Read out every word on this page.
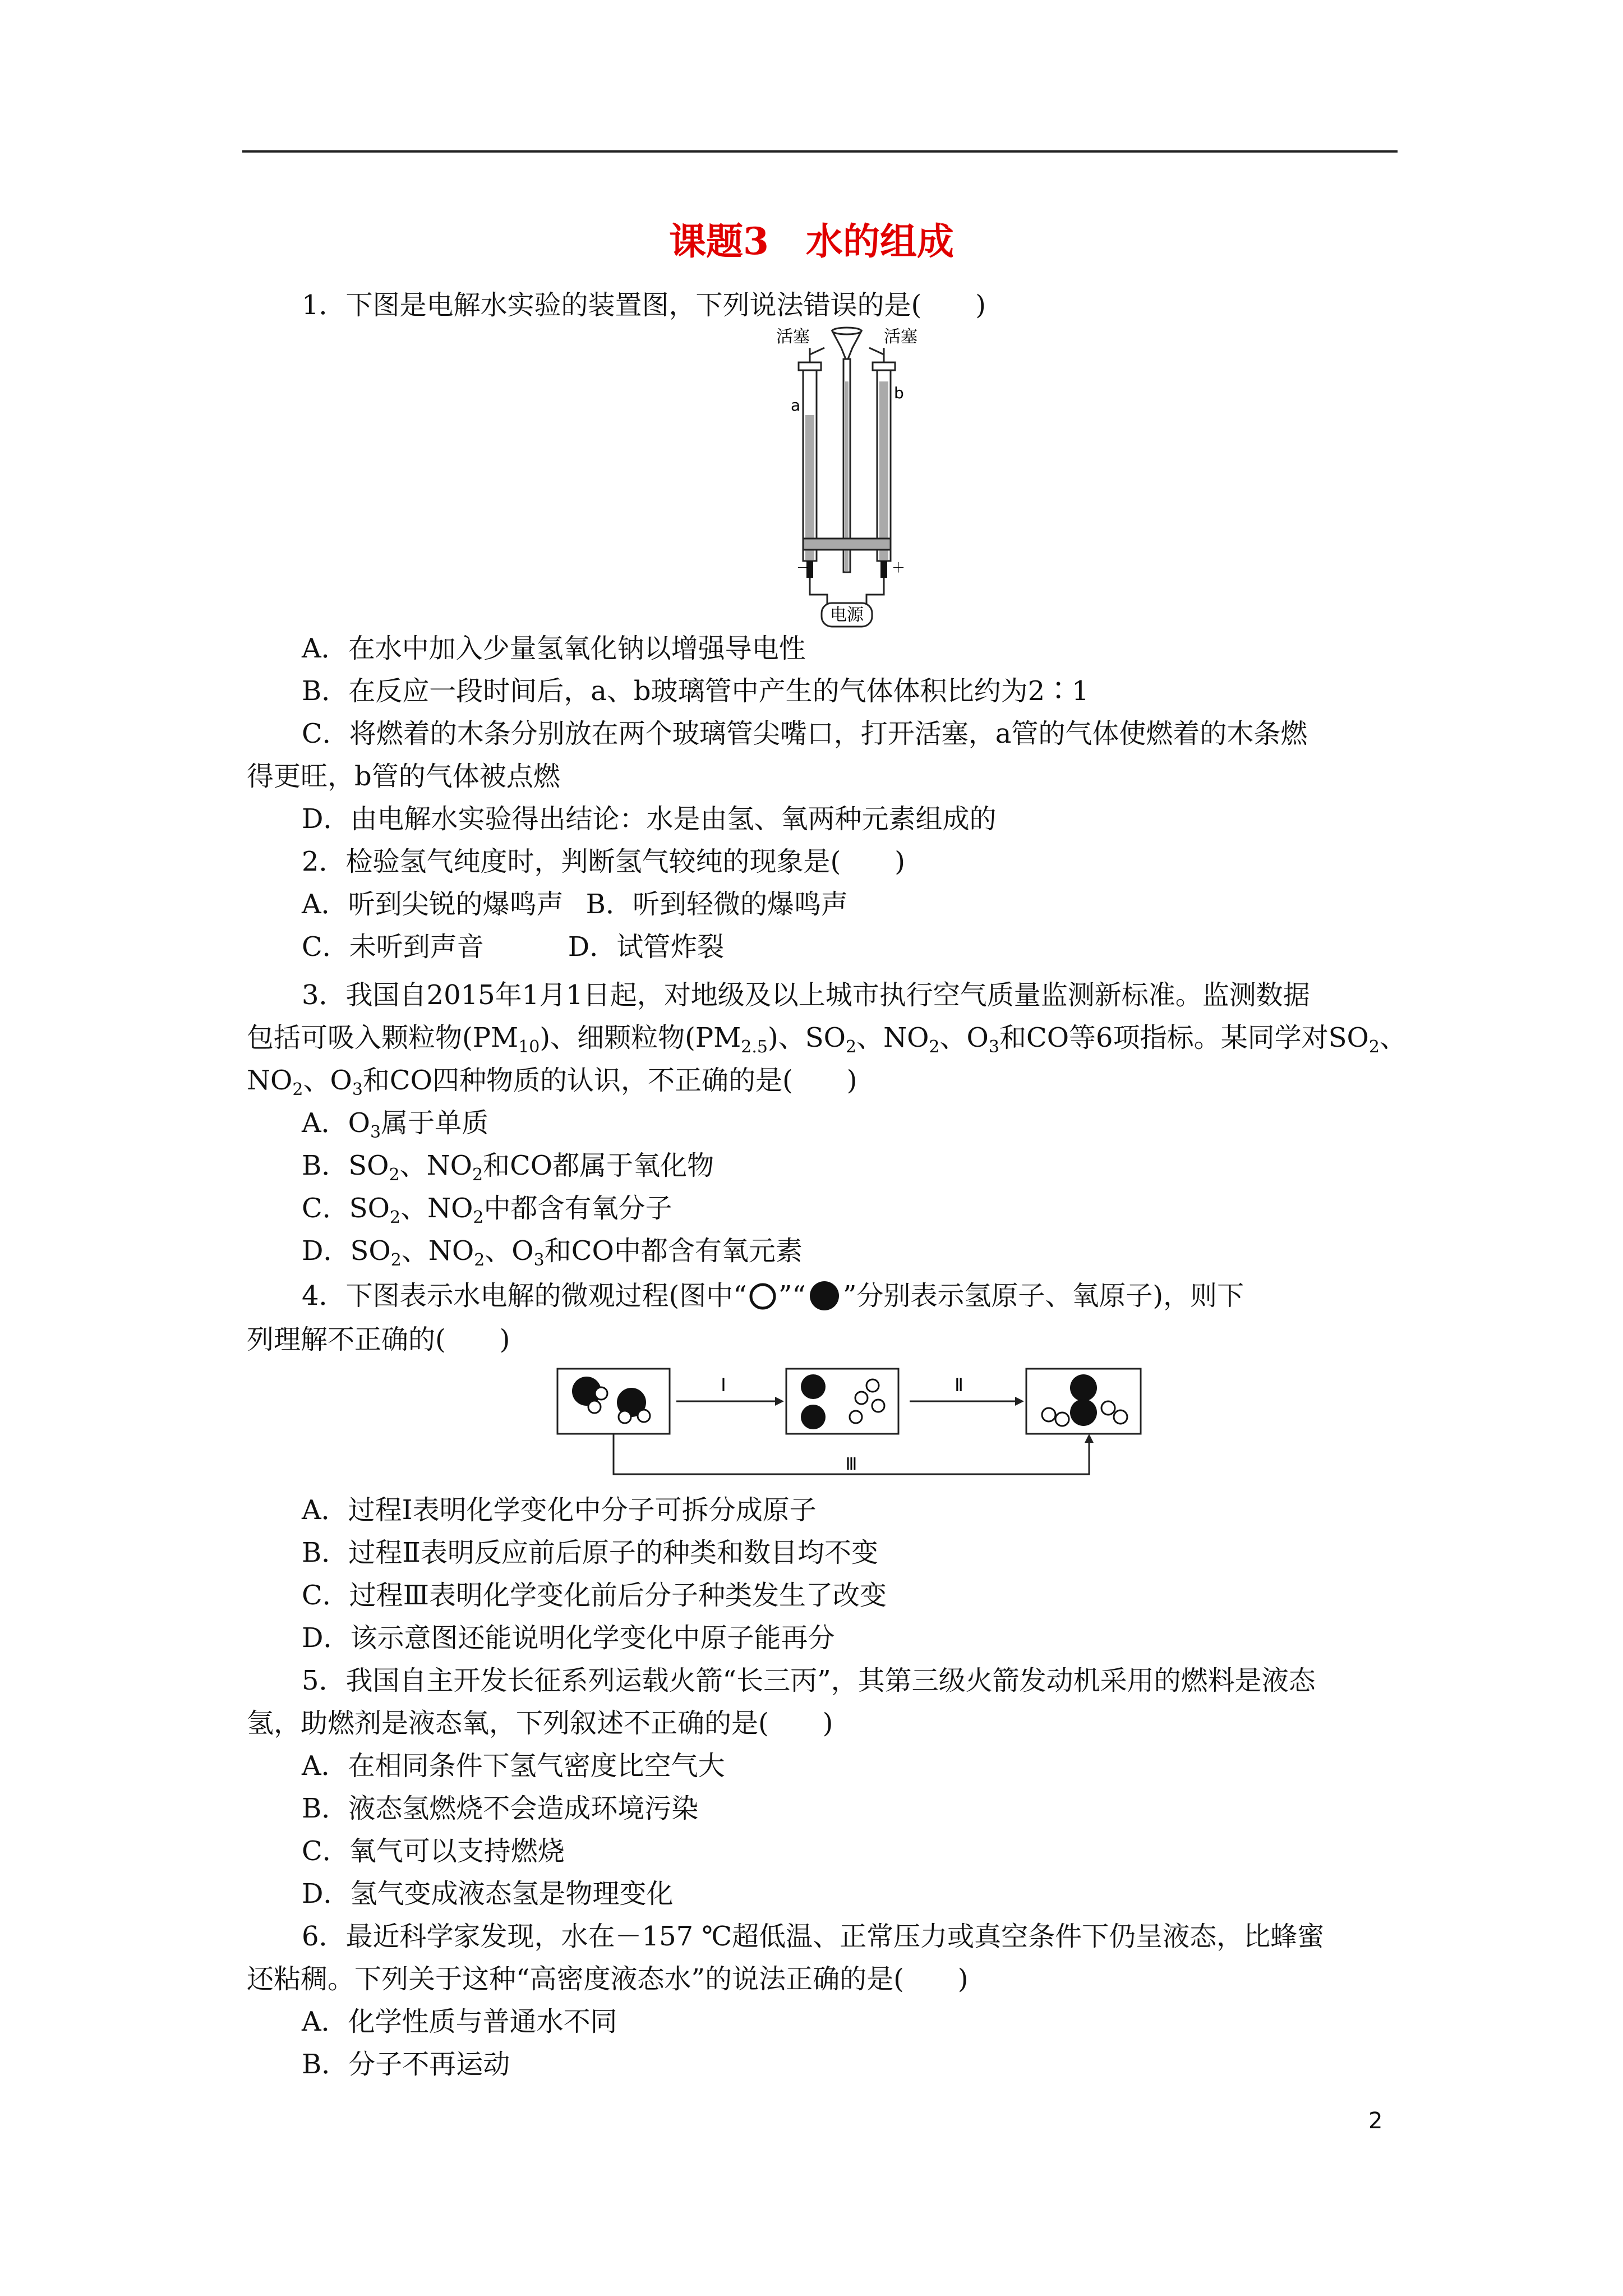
课题3　水的组成
1．下图是电解水实验的装置图，下列说法错误的是(　　)
电源
活塞	活塞
a
b
－	＋
A．在水中加入少量氢氧化钠以增强导电性
B．在反应一段时间后，a、b玻璃管中产生的气体体积比约为2∶1
C．将燃着的木条分别放在两个玻璃管尖嘴口，打开活塞，a管的气体使燃着的木条燃
得更旺，b管的气体被点燃
D．由电解水实验得出结论：水是由氢、氧两种元素组成的
2．检验氢气纯度时，判断氢气较纯的现象是(　　)
A．听到尖锐的爆鸣声 B．听到轻微的爆鸣声
C．未听到声音	D．试管炸裂
3．我国自2015年1月1日起，对地级及以上城市执行空气质量监测新标准。监测数据
包括可吸入颗粒物$(PM_{10})$、细颗粒物$(PM_{2.5})$、$SO_2$、$NO_2$、$O_3$和CO等6项指标。某同学对$SO_2$、
$NO_2$、$O_3$和CO四种物质的认识，不正确的是(　　)
A．$O_3$属于单质
B．$SO_2$、$NO_2$和CO都属于氧化物
C．$SO_2$、$NO_2$中都含有氧分子
D．$SO_2$、$NO_2$、$O_3$和CO中都含有氧元素
4．下图表示水电解的微观过程(图中“ ”“ ”分别表示氢原子、氧原子)，则下
列理解不正确的(　　)
Ⅰ	Ⅱ
Ⅲ
A．过程Ⅰ表明化学变化中分子可拆分成原子
B．过程Ⅱ表明反应前后原子的种类和数目均不变
C．过程Ⅲ表明化学变化前后分子种类发生了改变
D．该示意图还能说明化学变化中原子能再分
5．我国自主开发长征系列运载火箭“长三丙”，其第三级火箭发动机采用的燃料是液态
氢，助燃剂是液态氧，下列叙述不正确的是(　　)
A．在相同条件下氢气密度比空气大
B．液态氢燃烧不会造成环境污染
C．氧气可以支持燃烧
D．氢气变成液态氢是物理变化
6．最近科学家发现，水在－157 ℃超低温、正常压力或真空条件下仍呈液态，比蜂蜜
还粘稠。下列关于这种“高密度液态水”的说法正确的是(　　)
A．化学性质与普通水不同
B．分子不再运动
2
